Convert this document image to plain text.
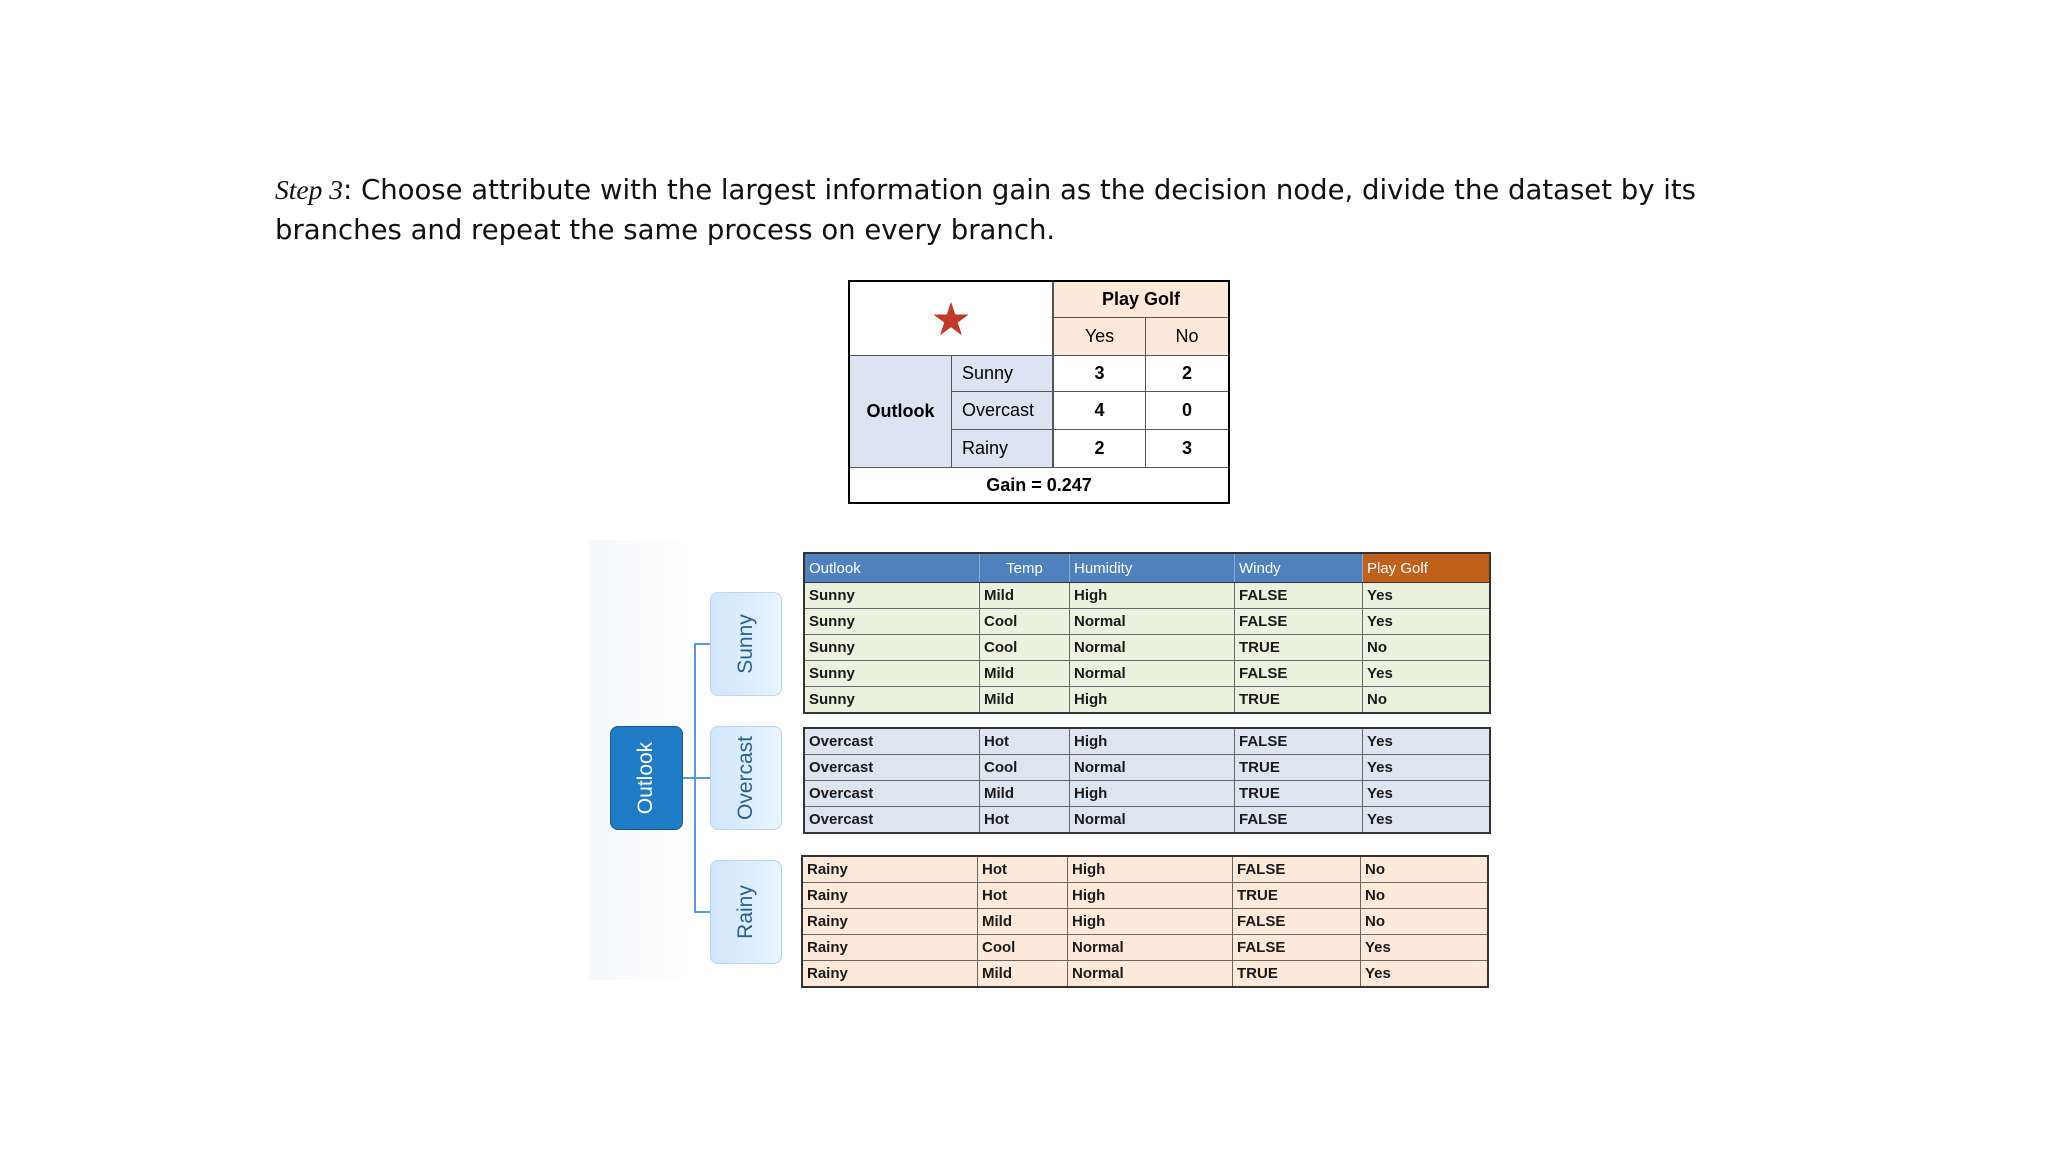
Step 3: Choose attribute with the largest information gain as the decision node, divide the dataset by its branches and repeat the same process on every branch.
★	Play Golf
Yes	No
Outlook
Sunny	3	2
Overcast	4	0
Rainy	2	3
Gain = 0.247
Outlook
Sunny
Overcast
Rainy
Outlook	Temp	Humidity	Windy	Play Golf
Sunny	Mild	High	FALSE	Yes
Sunny	Cool	Normal	FALSE	Yes
Sunny	Cool	Normal	TRUE	No
Sunny	Mild	Normal	FALSE	Yes
Sunny	Mild	High	TRUE	No
Overcast	Hot	High	FALSE	Yes
Overcast	Cool	Normal	TRUE	Yes
Overcast	Mild	High	TRUE	Yes
Overcast	Hot	Normal	FALSE	Yes
Rainy	Hot	High	FALSE	No
Rainy	Hot	High	TRUE	No
Rainy	Mild	High	FALSE	No
Rainy	Cool	Normal	FALSE	Yes
Rainy	Mild	Normal	TRUE	Yes
